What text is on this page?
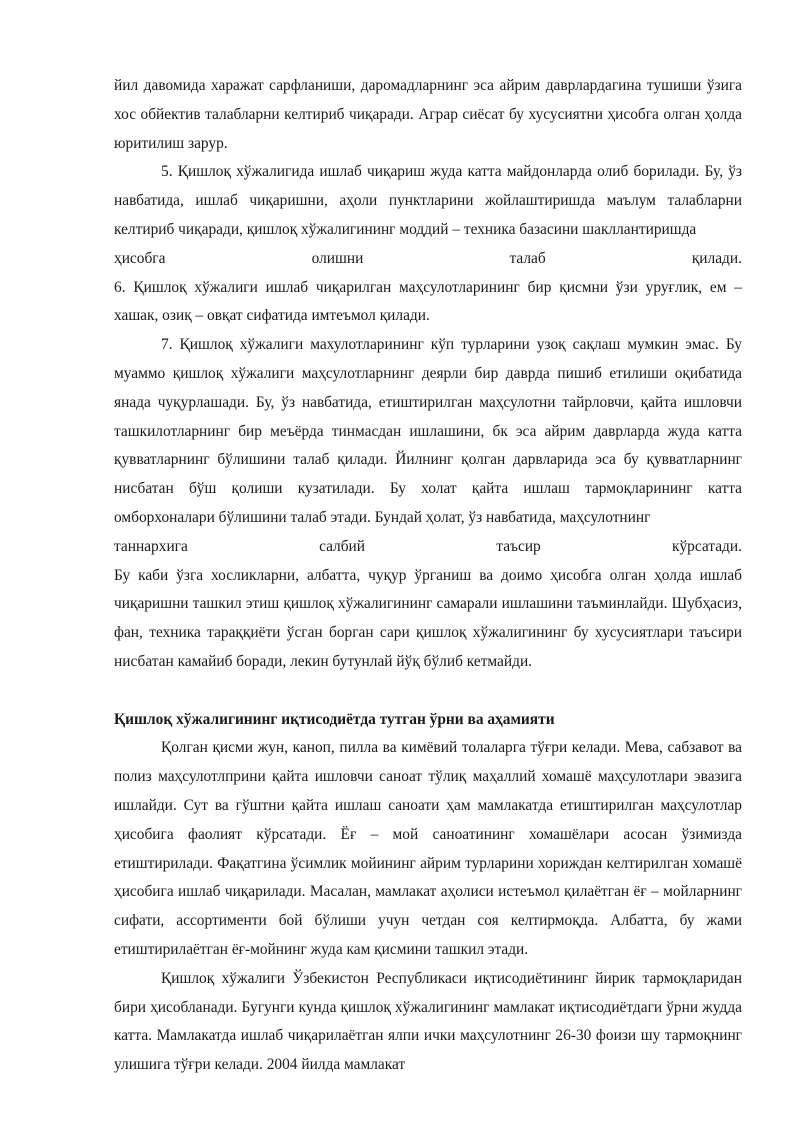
йил давомида харажат сарфланиши, даромадларнинг эса айрим даврлардагина тушиши ўзига хос обйектив талабларни келтириб чиқаради. Аграр сиёсат бу хусусиятни ҳисобга олган ҳолда юритилиш зарур.

5. Қишлоқ хўжалигида ишлаб чиқариш жуда катта майдонларда олиб борилади. Бу, ўз навбатида, ишлаб чиқаришни, аҳоли пунктларини жойлаштиришда маълум талабларни келтириб чиқаради, қишлоқ хўжалигининг моддий – техника базасини шакллантиришда

ҳисобга	олишни	талаб	қилади.

6. Қишлоқ хўжалиги ишлаб чиқарилган маҳсулотларининг бир қисмни ўзи уруғлик, ем – хашак, озиқ – овқат сифатида имтеъмол қилади.

7. Қишлоқ хўжалиги махулотларининг кўп турларини узоқ сақлаш мумкин эмас. Бу муаммо қишлоқ хўжалиги маҳсулотларнинг деярли бир даврда пишиб етилиши оқибатида янада чуқурлашади. Бу, ўз навбатида, етиштирилган маҳсулотни тайрловчи, қайта ишловчи ташкилотларнинг бир меъёрда тинмасдан ишлашини, бк эса айрим даврларда жуда катта қувватларнинг бўлишини талаб қилади. Йилнинг қолган дарвларида эса бу қувватларнинг нисбатан бўш қолиши кузатилади. Бу холат қайта ишлаш тармоқларининг катта омборхоналари бўлишини талаб этади. Бундай ҳолат, ўз навбатида, маҳсулотнинг

таннархига	салбий	таъсир	кўрсатади.

Бу каби ўзга хосликларни, албатта, чуқур ўрганиш ва доимо ҳисобга олган ҳолда ишлаб чиқаришни ташкил этиш қишлоқ хўжалигининг самарали ишлашини таъминлайди. Шубҳасиз, фан, техника тараққиёти ўсган борган сари қишлоқ хўжалигининг бу хусусиятлари таъсири нисбатан камайиб боради, лекин бутунлай йўқ бўлиб кетмайди.

Қишлоқ хўжалигининг иқтисодиётда тутган ўрни ва аҳамияти

Қолган қисми жун, каноп, пилла ва кимёвий толаларга тўғри келади. Мева, сабзавот ва полиз маҳсулотлприни қайта ишловчи саноат тўлиқ маҳаллий хомашё маҳсулотлари эвазига ишлайди. Сут ва гўштни қайта ишлаш саноати ҳам мамлакатда етиштирилган маҳсулотлар ҳисобига фаолият кўрсатади. Ёғ – мой саноатининг хомашёлари асосан ўзимизда етиштирилади. Фақатгина ўсимлик мойининг айрим турларини хориждан келтирилган хомашё ҳисобига ишлаб чиқарилади. Масалан, мамлакат аҳолиси истеъмол қилаётган ёғ – мойларнинг сифати, ассортименти бой бўлиши учун четдан соя келтирмоқда. Албатта, бу жами етиштирилаётган ёғ-мойнинг жуда кам қисмини ташкил этади.

Қишлоқ хўжалиги Ўзбекистон Республикаси иқтисодиётининг йирик тармоқларидан бири ҳисобланади. Бугунги кунда қишлоқ хўжалигининг мамлакат иқтисодиётдаги ўрни жудда катта. Мамлакатда ишлаб чиқарилаётган ялпи ички маҳсулотнинг 26-30 фоизи шу тармоқнинг улишига тўғри келади. 2004 йилда мамлакат
